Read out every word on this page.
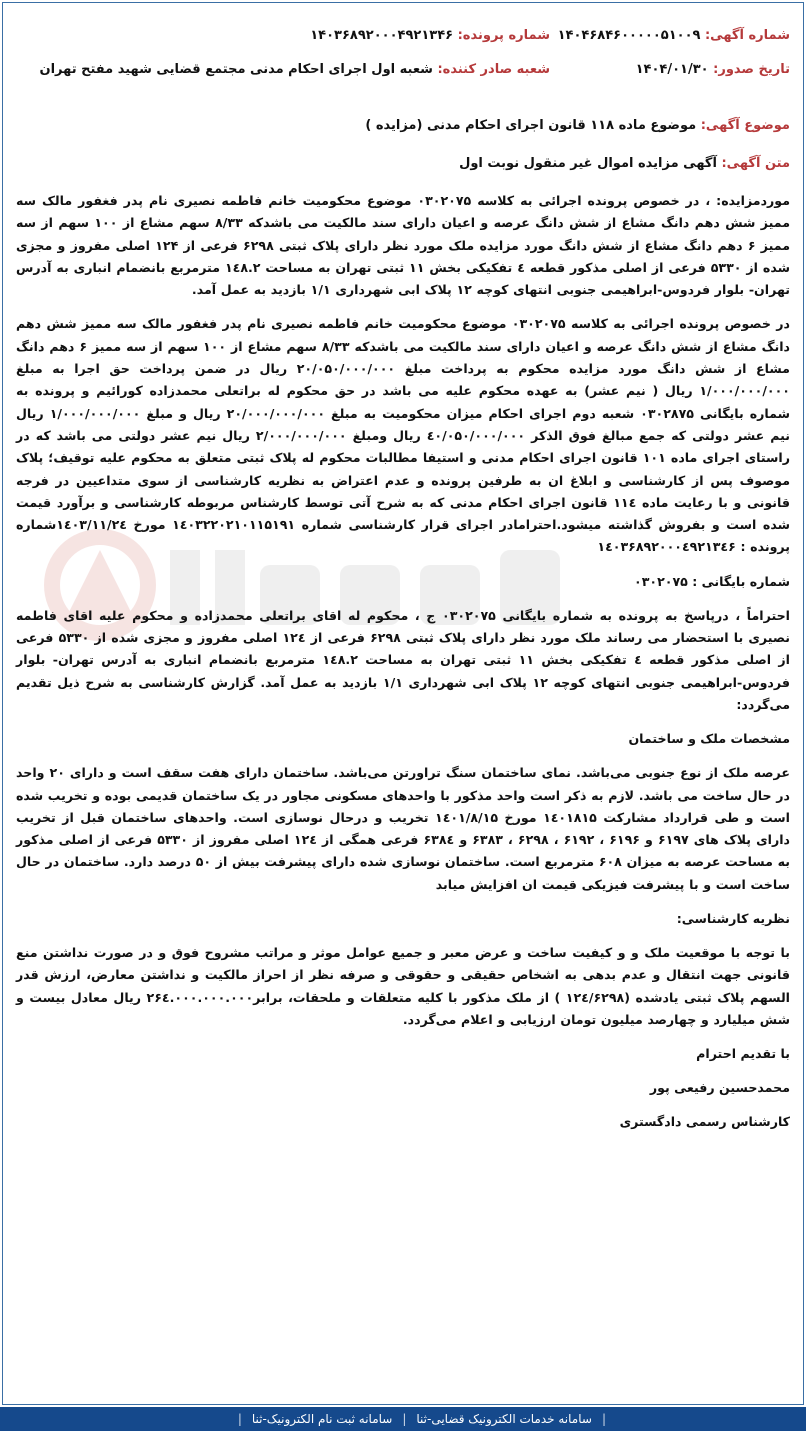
شماره آگهی: ۱۴۰۴۶۸۴۶۰۰۰۰۰۵۱۰۰۹
شماره پرونده: ۱۴۰۳۶۸۹۲۰۰۰۴۹۲۱۳۴۶
تاریخ صدور: ۱۴۰۴/۰۱/۳۰
شعبه صادر کننده: شعبه اول اجرای احکام مدنی مجتمع قضایی شهید مفتح تهران
موضوع آگهی: موضوع ماده ۱۱۸ قانون اجرای احکام مدنی (مزایده )
متن آگهی: آگهی مزایده اموال غیر منقول نوبت اول

موردمزایده: ، در خصوص پرونده اجرائی به کلاسه ۰۳۰۲۰۷۵ موضوع محکومیت خانم فاطمه نصیری نام پدر فغفور مالک سه ممیز شش دهم دانگ مشاع از شش دانگ عرصه و اعیان دارای سند مالکیت می باشدکه ۸/۳۳ سهم مشاع از ۱۰۰ سهم از سه ممیز ۶ دهم دانگ مشاع از شش دانگ مورد مزایده ملک مورد نظر دارای پلاک ثبتی ۶۲۹۸ فرعی از ۱۲۴ اصلی مفروز و مجزی شده از ۵۳۳۰ فرعی از اصلی مذکور قطعه ٤ تفکیکی بخش ۱۱ ثبتی تهران به مساحت ۱٤۸.۲ مترمربع بانضمام انباری به آدرس تهران- بلوار فردوس-ابراهیمی جنوبی انتهای کوچه ۱۲ پلاک ابی شهرداری ۱/۱ بازدید به عمل آمد.

در خصوص پرونده اجرائی به کلاسه ۰۳۰۲۰۷۵ موضوع محکومیت خانم فاطمه نصیری نام پدر فغفور مالک سه ممیز شش دهم دانگ مشاع از شش دانگ عرصه و اعیان دارای سند مالکیت می باشدکه ۸/۳۳ سهم مشاع از ۱۰۰ سهم از سه ممیز ۶ دهم دانگ مشاع از شش دانگ مورد مزایده محکوم به پرداخت مبلغ ۲۰/۰۵۰/۰۰۰/۰۰۰ ریال در ضمن پرداخت حق اجرا به مبلغ ۱/۰۰۰/۰۰۰/۰۰۰ ریال ( نیم عشر) به عهده محکوم علیه می باشد در حق محکوم له براتعلی محمدزاده کورائیم و پرونده به شماره بایگانی ۰۳۰۲۸۷۵ شعبه دوم اجرای احکام میزان محکومیت به مبلغ ۲۰/۰۰۰/۰۰۰/۰۰۰ ریال و مبلغ ۱/۰۰۰/۰۰۰/۰۰۰ ریال نیم عشر دولتی که جمع مبالغ فوق الذکر ٤۰/۰۵۰/۰۰۰/۰۰۰ ریال ومبلغ ۲/۰۰۰/۰۰۰/۰۰۰ ریال نیم عشر دولتی می باشد که در راستای اجرای ماده ۱۰۱ قانون اجرای احکام مدنی و استیفا مطالبات محکوم له پلاک ثبتی متعلق به محکوم علیه توقیف؛ پلاک موصوف پس از کارشناسی و ابلاغ ان به طرفین پرونده و عدم اعتراض به نظریه کارشناسی از سوی متداعیین در فرجه قانونی و با رعایت ماده ۱۱٤ قانون اجرای احکام مدنی که به شرح آتی توسط کارشناس مربوطه کارشناسی و برآورد قیمت شده است و بفروش گذاشته میشود.احترامادر اجرای قرار کارشناسی شماره ۱٤۰۳۲۲۰۲۱۰۱۱۵۱۹۱ مورخ ۱٤۰۳/۱۱/۲٤شماره پرونده : ۱٤۰۳۶۸۹۲۰۰۰٤۹۲۱۳٤۶

شماره بایگانی : ۰۳۰۲۰۷۵

احتراماً ، درپاسخ به پرونده به شماره بایگانی ۰۳۰۲۰۷۵ ج ، محکوم له اقای براتعلی محمدزاده و محکوم علیه اقای فاطمه نصیری با استحضار می رساند ملک مورد نظر دارای پلاک ثبتی ۶۲۹۸ فرعی از ۱۲٤ اصلی مفروز و مجزی شده از ۵۳۳۰ فرعی از اصلی مذکور قطعه ٤ تفکیکی بخش ۱۱ ثبتی تهران به مساحت ۱٤۸.۲ مترمربع بانضمام انباری به آدرس تهران- بلوار فردوس-ابراهیمی جنوبی انتهای کوچه ۱۲ پلاک ابی شهرداری ۱/۱ بازدید به عمل آمد. گزارش کارشناسی به شرح ذیل تقدیم می‌گردد:

مشخصات ملک و ساختمان

عرصه ملک از نوع جنوبی می‌باشد. نمای ساختمان سنگ تراورتن می‌باشد. ساختمان دارای هفت سقف است و دارای ۲۰ واحد در حال ساخت می باشد. لازم به ذکر است واحد مذکور با واحدهای مسکونی مجاور در یک ساختمان قدیمی بوده و تخریب شده است و طی قرارداد مشارکت ۱٤۰۱۸۱۵ مورخ ۱٤۰۱/۸/۱۵ تخریب و درحال نوسازی است. واحدهای ساختمان قبل از تخریب دارای پلاک های ۶۱۹۷ و ۶۱۹۶ ، ۶۱۹۲ ، ۶۲۹۸ ، ۶۳۸۳ و ۶۳۸٤ فرعی همگی از ۱۲٤ اصلی مفروز از ۵۳۳۰ فرعی از اصلی مذکور به مساحت عرصه به میزان ۶۰۸ مترمربع است. ساختمان نوسازی شده دارای پیشرفت بیش از ۵۰ درصد دارد. ساختمان در حال ساخت است و با پیشرفت فیزیکی قیمت ان افزایش میابد

نظریه کارشناسی:

با توجه با موقعیت ملک و و کیفیت ساخت و عرض معبر و جمیع عوامل موثر و مراتب مشروح فوق و در صورت نداشتن منع قانونی جهت انتقال و عدم بدهی به اشخاص حقیقی و حقوقی و صرفه نظر از احراز مالکیت و نداشتن معارض، ارزش قدر السهم پلاک ثبتی یادشده (۱۲٤/۶۲۹۸ ) از ملک مذکور با کلیه متعلقات و ملحقات، برابر۲۶٤.۰۰۰.۰۰۰.۰۰۰ ریال معادل بیست و شش میلیارد و چهارصد میلیون تومان ارزیابی و اعلام می‌گردد.

با تقدیم احترام

محمدحسین رفیعی پور

کارشناس رسمی دادگستری

|
سامانه خدمات الکترونیک قضایی-ثنا
|
سامانه ثبت نام الکترونیک-ثنا
|
